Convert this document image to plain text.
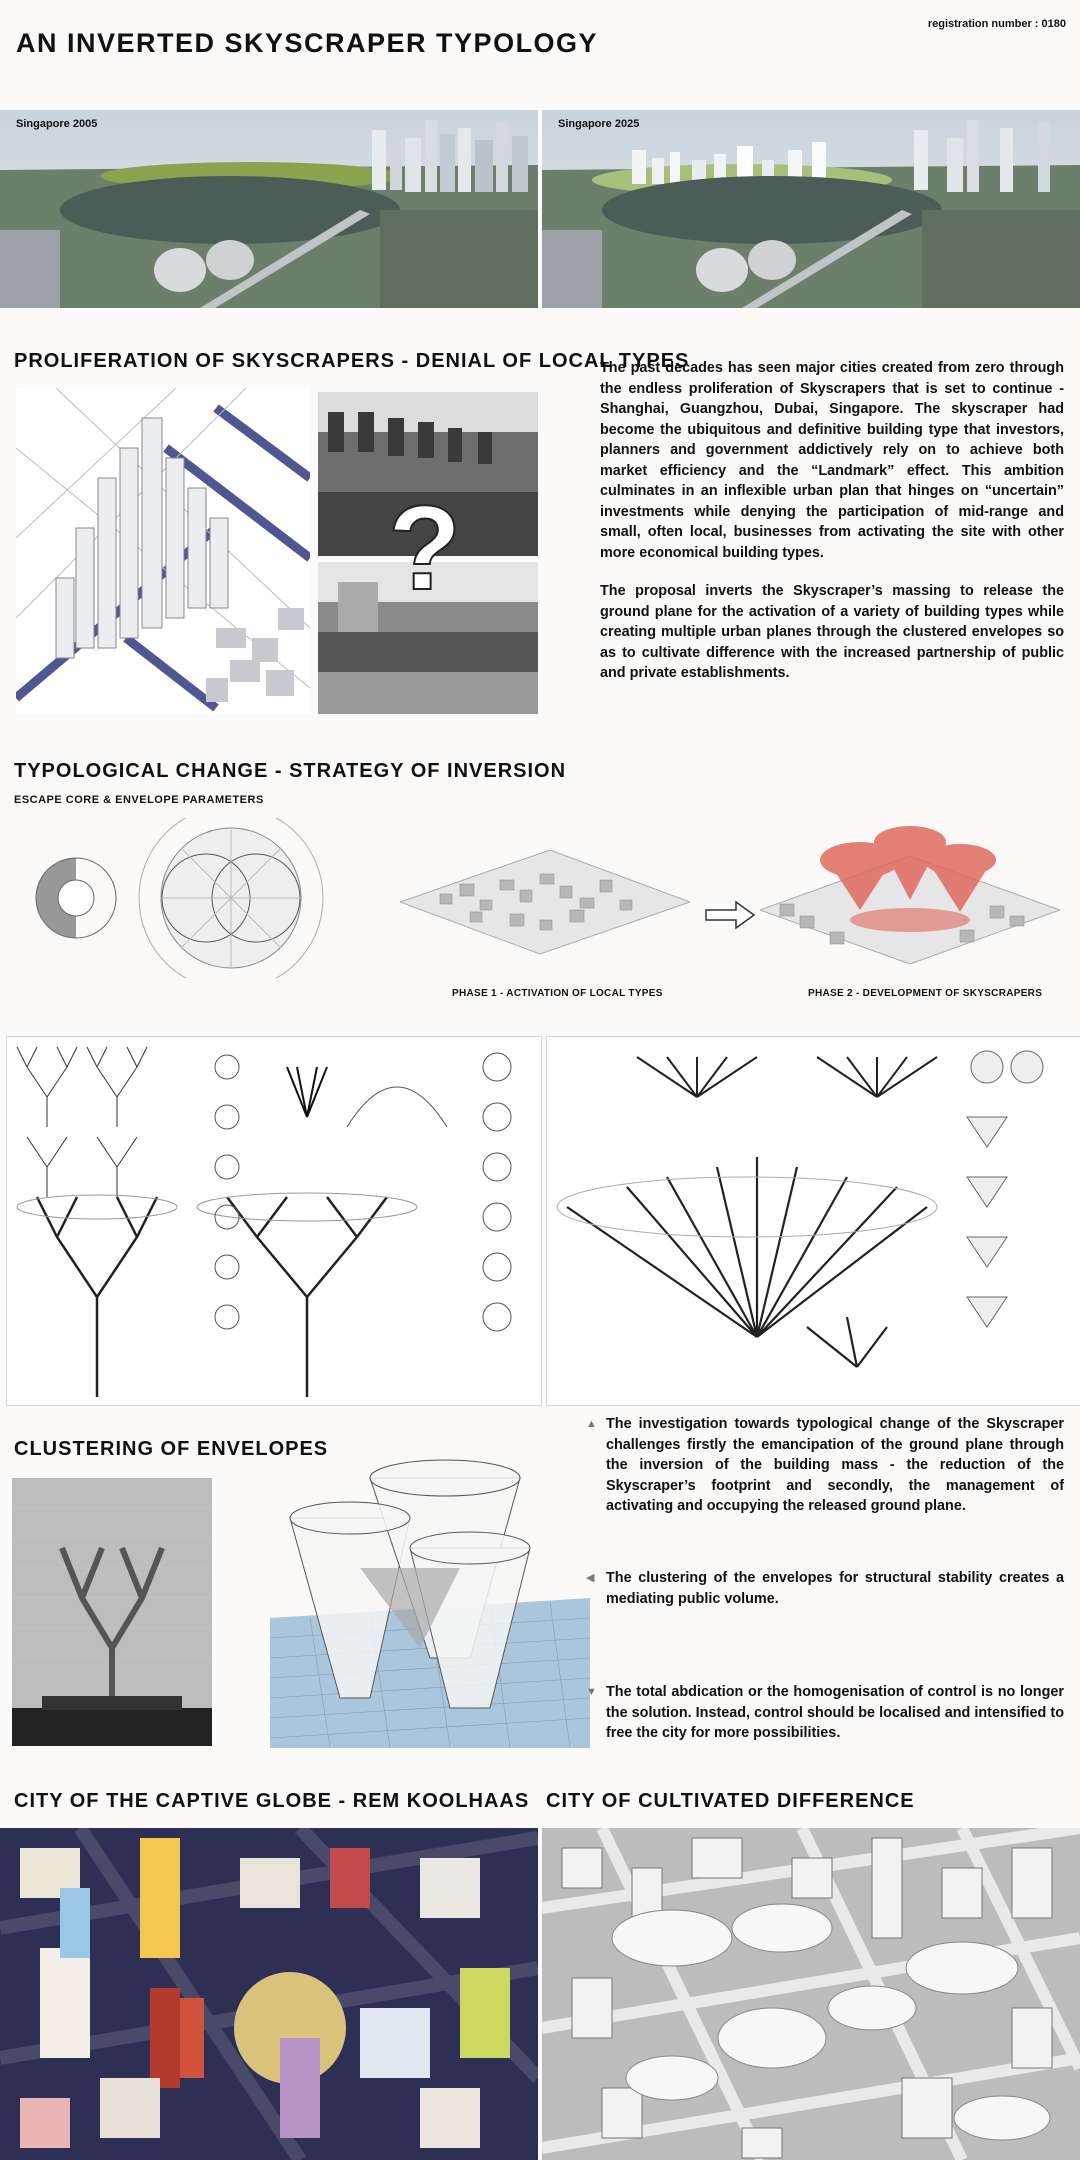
AN INVERTED SKYSCRAPER TYPOLOGY
registration number : 0180
Singapore 2005	Singapore 2025
PROLIFERATION OF SKYSCRAPERS - DENIAL OF LOCAL TYPES
?

The past decades has seen major cities created from zero through the endless proliferation of Skyscrapers that is set to continue -Shanghai, Guangzhou, Dubai, Singapore. The skyscraper had become the ubiquitous and definitive building type that investors, planners and government addictively rely on to achieve both market efficiency and the “Landmark” effect. This ambition culminates in an inflexible urban plan that hinges on “uncertain” investments while denying the participation of mid-range and small, often local, businesses from activating the site with other more economical building types.

The proposal inverts the Skyscraper’s massing to release the ground plane for the activation of a variety of building types while creating multiple urban planes through the clustered envelopes so as to cultivate difference with the increased partnership of public and private establishments.

TYPOLOGICAL CHANGE - STRATEGY OF INVERSION
ESCAPE CORE & ENVELOPE PARAMETERS
PHASE 1 - ACTIVATION OF LOCAL TYPES	PHASE 2 - DEVELOPMENT OF SKYSCRAPERS
CLUSTERING OF ENVELOPES
▲ The investigation towards typological change of the Skyscraper challenges firstly the emancipation of the ground plane through the inversion of the building mass - the reduction of the Skyscraper’s footprint and secondly, the management of activating and occupying the released ground plane.
◀ The clustering of the envelopes for structural stability creates a mediating public volume.
▼ The total abdication or the homogenisation of control is no longer the solution. Instead, control should be localised and intensified to free the city for more possibilities.
CITY OF THE CAPTIVE GLOBE - REM KOOLHAAS CITY OF CULTIVATED DIFFERENCE
